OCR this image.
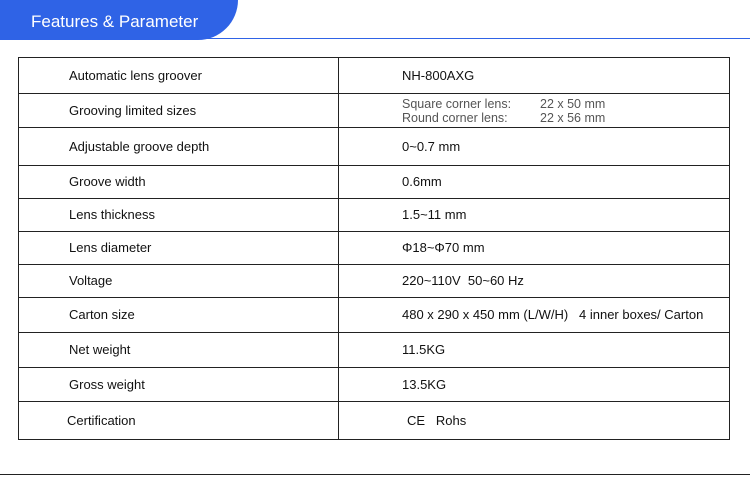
Features & Parameter
Automatic lens groover	NH-800AXG
Grooving limited sizes	Square corner lens: 22 x 50 mm
Round corner lens: 22 x 56 mm

Adjustable groove depth	0~0.7 mm
Groove width	0.6mm
Lens thickness	1.5~11 mm
Lens diameter	Φ18~Φ70 mm
Voltage	220~110V  50~60 Hz
Carton size	480 x 290 x 450 mm (L/W/H)   4 inner boxes/ Carton
Net weight	11.5KG
Gross weight	13.5KG
Certification	CE   Rohs
